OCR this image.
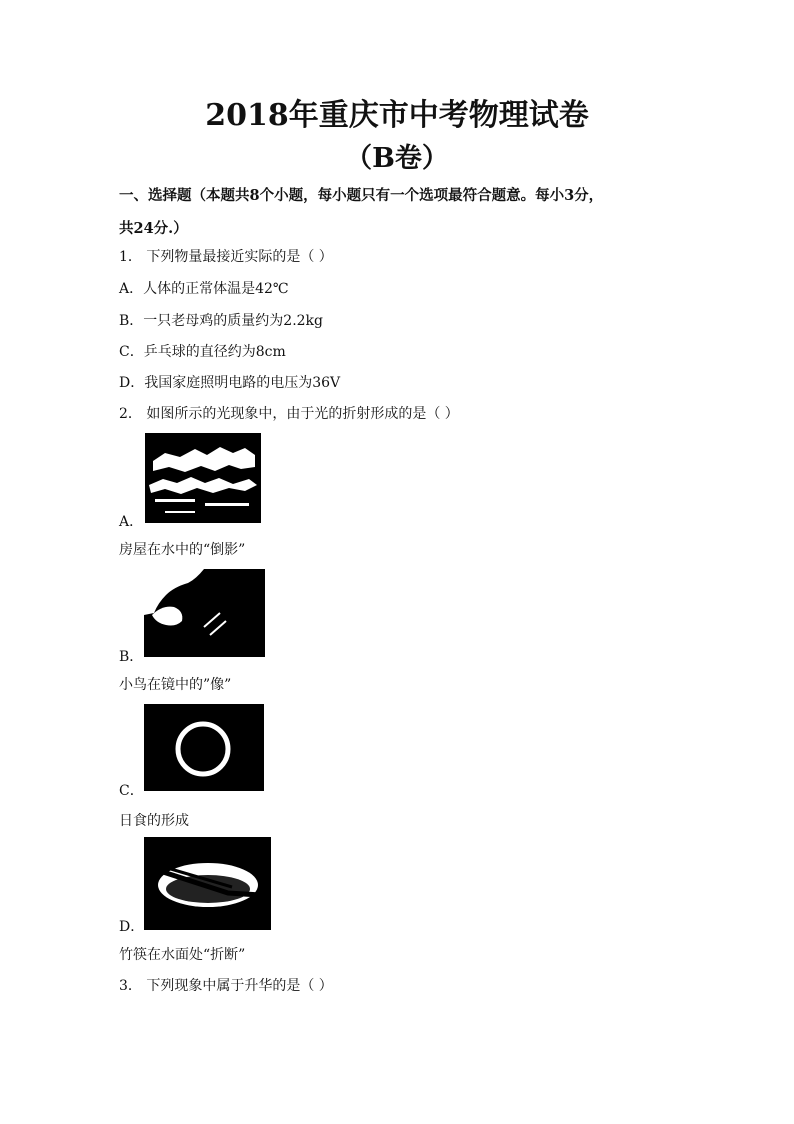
2018年重庆市中考物理试卷
（B卷）
一、选择题（本题共8个小题，每小题只有一个选项最符合题意。每小3分，
共24分.）
1． 下列物量最接近实际的是（ ）
A．人体的正常体温是42℃
B．一只老母鸡的质量约为2.2kg
C．乒乓球的直径约为8cm
D．我国家庭照明电路的电压为36V
2． 如图所示的光现象中，由于光的折射形成的是（ ）
A．
房屋在水中的“倒影”
B．
小鸟在镜中的”像”
C．
日食的形成
D．
竹筷在水面处“折断”
3． 下列现象中属于升华的是（ ）
